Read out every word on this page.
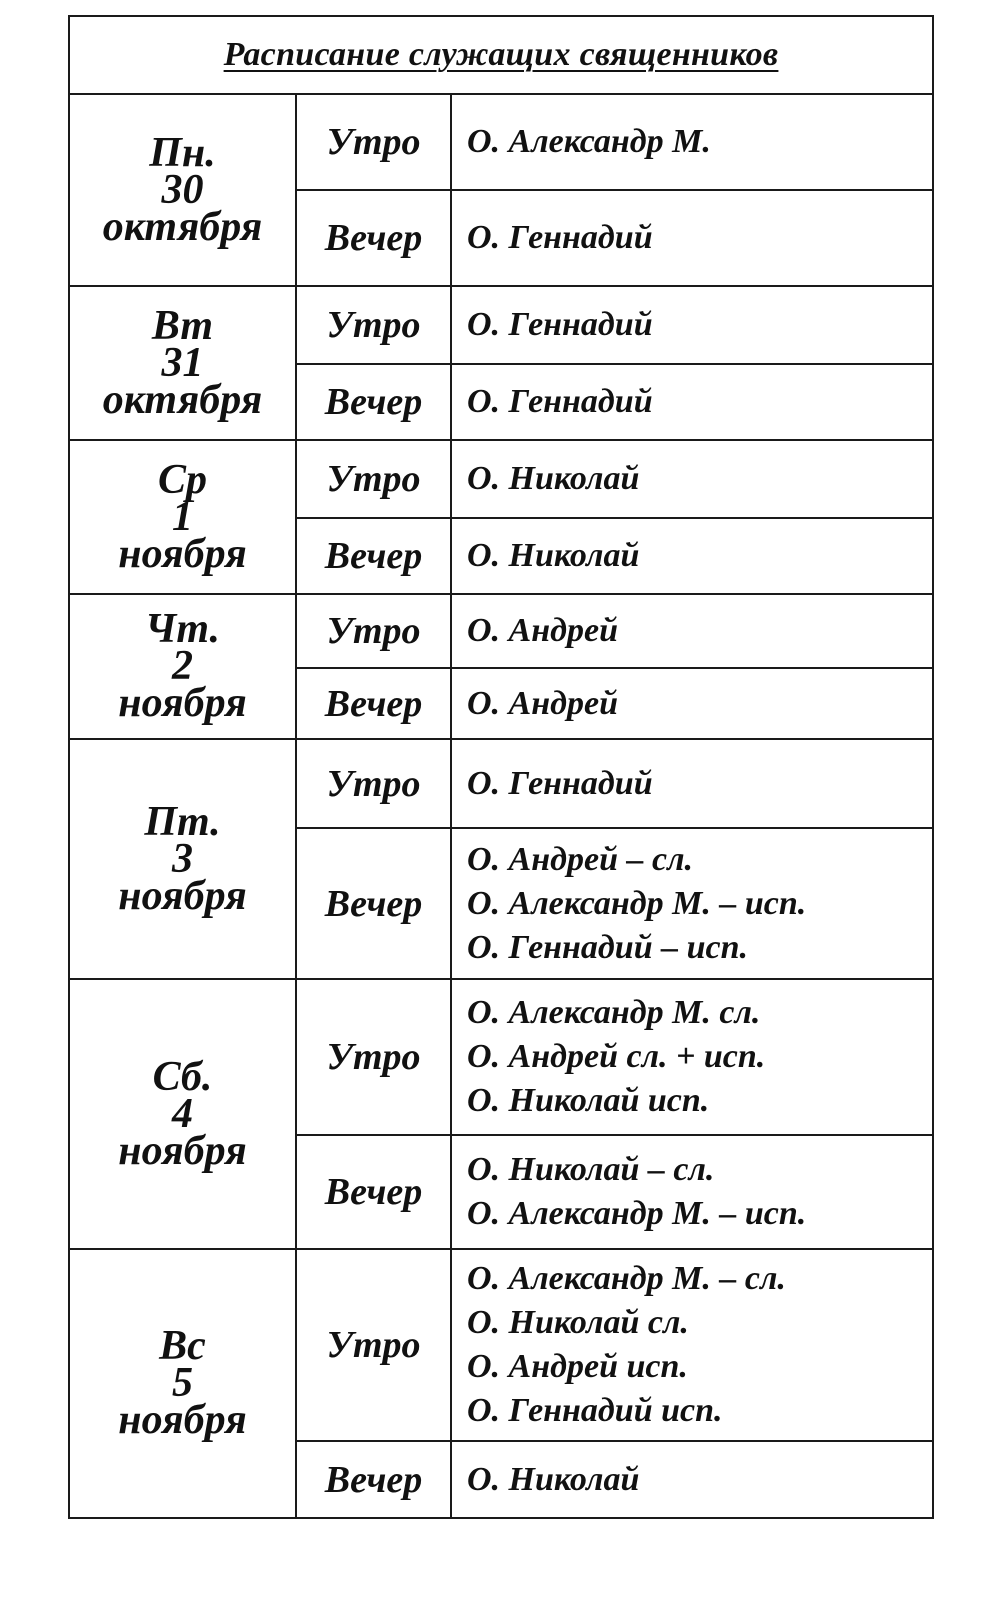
Расписание служащих священников		

Пн.
30
октября	Утро	О. Александр М.

	Вечер	О. Геннадий

Вт
31
октября	Утро	О. Геннадий

	Вечер	О. Геннадий

Ср
1
ноября	Утро	О. Николай

	Вечер	О. Николай

Чт.
2
ноября	Утро	О. Андрей

	Вечер	О. Андрей

Пт.
3
ноября	Утро	О. Геннадий

	Вечер	О. Андрей – сл.
О. Александр М. – исп.
О. Геннадий – исп.

Сб.
4
ноября	Утро	О. Александр М. сл.
О. Андрей сл. + исп.
О. Николай исп.

	Вечер	О. Николай – сл.
О. Александр М. – исп.

Вс
5
ноября	Утро	О. Александр М. – сл.
О. Николай сл.
О. Андрей исп.
О. Геннадий исп.

	Вечер	О. Николай
